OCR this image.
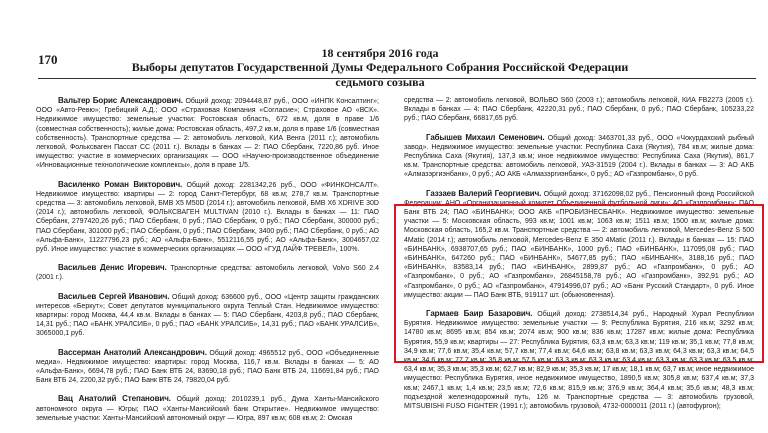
170	18 сентября 2016 года
Выборы депутатов Государственной Думы Федерального Собрания Российской Федерации седьмого созыва

Вальтер Борис Александрович. Общий доход: 2094448,87 руб., ООО «ИНПК Консалтинг»; ООО «Авто-Ревю»; Гребицкий А.Д.; ООО «Страховая Компания «Согласие»; Страховое АО «ВСК». Недвижимое имущество: земельные участки: Ростовская область, 672 кв.м, доля в праве 1/6 (совместная собственность); жилые дома: Ростовская область, 497,2 кв.м, доля в праве 1/6 (совместная собственность). Транспортные средства — 2: автомобиль легковой, КИА Венга (2011 г.); автомобиль легковой, Фольксваген Пассат СС (2011 г.). Вклады в банках — 2: ПАО Сбербанк, 7220,86 руб. Иное имущество: участие в коммерческих организациях — ООО «Научно-производственное объединение «Инновационные технологические комплексы», доля в праве 1/5.

Василенко Роман Викторович. Общий доход: 2281342,26 руб., ООО «ФИНКОНСАЛТ». Недвижимое имущество: квартиры — 2: город Санкт-Петербург, 68 кв.м; 278,7 кв.м. Транспортные средства — 3: автомобиль легковой, БМВ X5 M50D (2014 г.); автомобиль легковой, БМВ X6 XDRIVE 30D (2014 г.); автомобиль легковой, ФОЛЬКСВАГЕН MULTIVAN (2010 г.). Вклады в банках — 11: ПАО Сбербанк, 2797420,26 руб.; ПАО Сбербанк, 0 руб.; ПАО Сбербанк, 0 руб.; ПАО Сбербанк, 300000 руб.; ПАО Сбербанк, 301000 руб.; ПАО Сбербанк, 0 руб.; ПАО Сбербанк, 3400 руб.; ПАО Сбербанк, 0 руб.; АО «Альфа-Банк», 11227796,23 руб.; АО «Альфа-Банк», 5512116,55 руб.; АО «Альфа-Банк», 3004657,02 руб. Иное имущество: участие в коммерческих организациях — ООО «ГУД ЛАЙФ ТРЕВЕЛ», 100%.

Васильев Денис Игоревич. Транспортные средства: автомобиль легковой, Volvo S60 2.4 (2001 г.).

Васильев Сергей Иванович. Общий доход: 636600 руб., ООО «Центр защиты гражданских интересов «Беркут»; Совет депутатов муниципального округа Теплый Стан. Недвижимое имущество: квартиры: город Москва, 44,4 кв.м. Вклады в банках — 5: ПАО Сбербанк, 4203,8 руб.; ПАО Сбербанк, 14,31 руб.; ПАО «БАНК УРАЛСИБ», 0 руб.; ПАО «БАНК УРАЛСИБ», 14,31 руб.; ПАО «БАНК УРАЛСИБ», 3065000,1 руб.

Вассерман Анатолий Александрович. Общий доход: 4965512 руб., ООО «Объединенные медиа». Недвижимое имущество: квартиры: город Москва, 116,7 кв.м. Вклады в банках — 5: АО «Альфа-Банк», 6694,78 руб.; ПАО Банк ВТБ 24, 83690,18 руб.; ПАО Банк ВТБ 24, 116691,84 руб.; ПАО Банк ВТБ 24, 2200,32 руб.; ПАО Банк ВТБ 24, 79820,04 руб.

Вац Анатолий Степанович. Общий доход: 2010239,1 руб., Дума Ханты-Мансийского автономного округа — Югры; ПАО «Ханты-Мансийский банк Открытие». Недвижимое имущество: земельные участки: Ханты-Мансийский автономный округ — Югра, 897 кв.м; 608 кв.м; 2: Омская

средства — 2: автомобиль легковой, ВОЛЬВО S60 (2003 г.); автомобиль легковой, КИА FB2273 (2005 г.). Вклады в банках — 4: ПАО Сбербанк, 42220,31 руб.; ПАО Сбербанк, 0 руб.; ПАО Сбербанк, 105233,22 руб.; ПАО Сбербанк, 66817,65 руб.

Габышев Михаил Семенович. Общий доход: 3463701,33 руб., ООО «Чокурдахский рыбный завод». Недвижимое имущество: земельные участки: Республика Саха (Якутия), 784 кв.м; жилые дома: Республика Саха (Якутия), 137,3 кв.м; иное недвижимое имущество: Республика Саха (Якутия), 861,7 кв.м. Транспортные средства: автомобиль легковой, УАЗ-31519 (2004 г.). Вклады в банках — 3: АО АКБ «Алмазэргиэнбанк», 0 руб.; АО АКБ «Алмазэргиэнбанк», 0 руб.; АО «Газпромбанк», 0 руб.

Газзаев Валерий Георгиевич. Общий доход: 37162098,02 руб., Пенсионный фонд Российской Федерации; АНО «Организационный комитет Объединенной футбольной лиги»; АО «Газпромбанк»; ПАО Банк ВТБ 24; ПАО «БИНБАНК»; ООО АКБ «ПРОБИЗНЕСБАНК». Недвижимое имущество: земельные участки — 5: Московская область, 993 кв.м; 1001 кв.м; 1063 кв.м; 1511 кв.м; 1500 кв.м; жилые дома: Московская область, 165,2 кв.м. Транспортные средства — 2: автомобиль легковой, Mercedes-Benz S 500 4Matic (2014 г.); автомобиль легковой, Mercedes-Benz E 350 4Matic (2011 г.). Вклады в банках — 15: ПАО «БИНБАНК», 6938707,65 руб.; ПАО «БИНБАНК», 1000 руб.; ПАО «БИНБАНК», 117095,08 руб.; ПАО «БИНБАНК», 647260 руб.; ПАО «БИНБАНК», 54677,85 руб.; ПАО «БИНБАНК», 3188,16 руб.; ПАО «БИНБАНК», 83583,14 руб.; ПАО «БИНБАНК», 2899,87 руб.; АО «Газпромбанк», 0 руб.; АО «Газпромбанк», 0 руб.; АО «Газпромбанк», 26845158,78 руб.; АО «Газпромбанк», 392,91 руб.; АО «Газпромбанк», 0 руб.; АО «Газпромбанк», 47914996,07 руб.; АО «Банк Русский Стандарт», 0 руб. Иное имущество: акции — ПАО Банк ВТБ, 919117 шт. (обыкновенная).

Гармаев Баир Базарович. Общий доход: 2738514,34 руб., Народный Хурал Республики Бурятия. Недвижимое имущество: земельные участки — 9: Республика Бурятия, 216 кв.м; 3292 кв.м; 14780 кв.м; 8695 кв.м; 854 кв.м; 2074 кв.м; 900 кв.м; 836 кв.м; 17287 кв.м; жилые дома: Республика Бурятия, 55,9 кв.м; квартиры — 27: Республика Бурятия, 63,3 кв.м; 63,3 кв.м; 119 кв.м; 35,1 кв.м; 77,8 кв.м; 34,9 кв.м; 77,6 кв.м; 35,4 кв.м; 57,7 кв.м; 77,4 кв.м; 64,6 кв.м; 63,8 кв.м; 63,3 кв.м; 64,3 кв.м; 63,3 кв.м; 64,5 кв.м; 34,6 кв.м; 77,7 кв.м; 35,8 кв.м; 57,5 кв.м; 63,3 кв.м; 63,3 кв.м; 63,4 кв.м; 63,3 кв.м; 63,3 кв.м; 63,5 кв.м; 63,4 кв.м; 35,3 кв.м; 35,3 кв.м; 62,7 кв.м; 82,9 кв.м; 35,3 кв.м; 17 кв.м; 18,1 кв.м; 63,7 кв.м; иное недвижимое имущество: Республика Бурятия, иное недвижимое имущество, 1890,5 кв.м; 305,8 кв.м; 637,4 кв.м; 37,3 кв.м; 2467,1 кв.м; 1,4 кв.м; 23,5 кв.м; 72,6 кв.м; 815,9 кв.м; 376,9 кв.м; 364,4 кв.м; 35,6 кв.м; 48,3 кв.м; подъездной железнодорожный путь, 126 м. Транспортные средства — 3: автомобиль грузовой, MITSUBISHI FUSO FIGHTER (1991 г.); автомобиль грузовой, 4732-0000011 (2011 г.) (автофургон);
